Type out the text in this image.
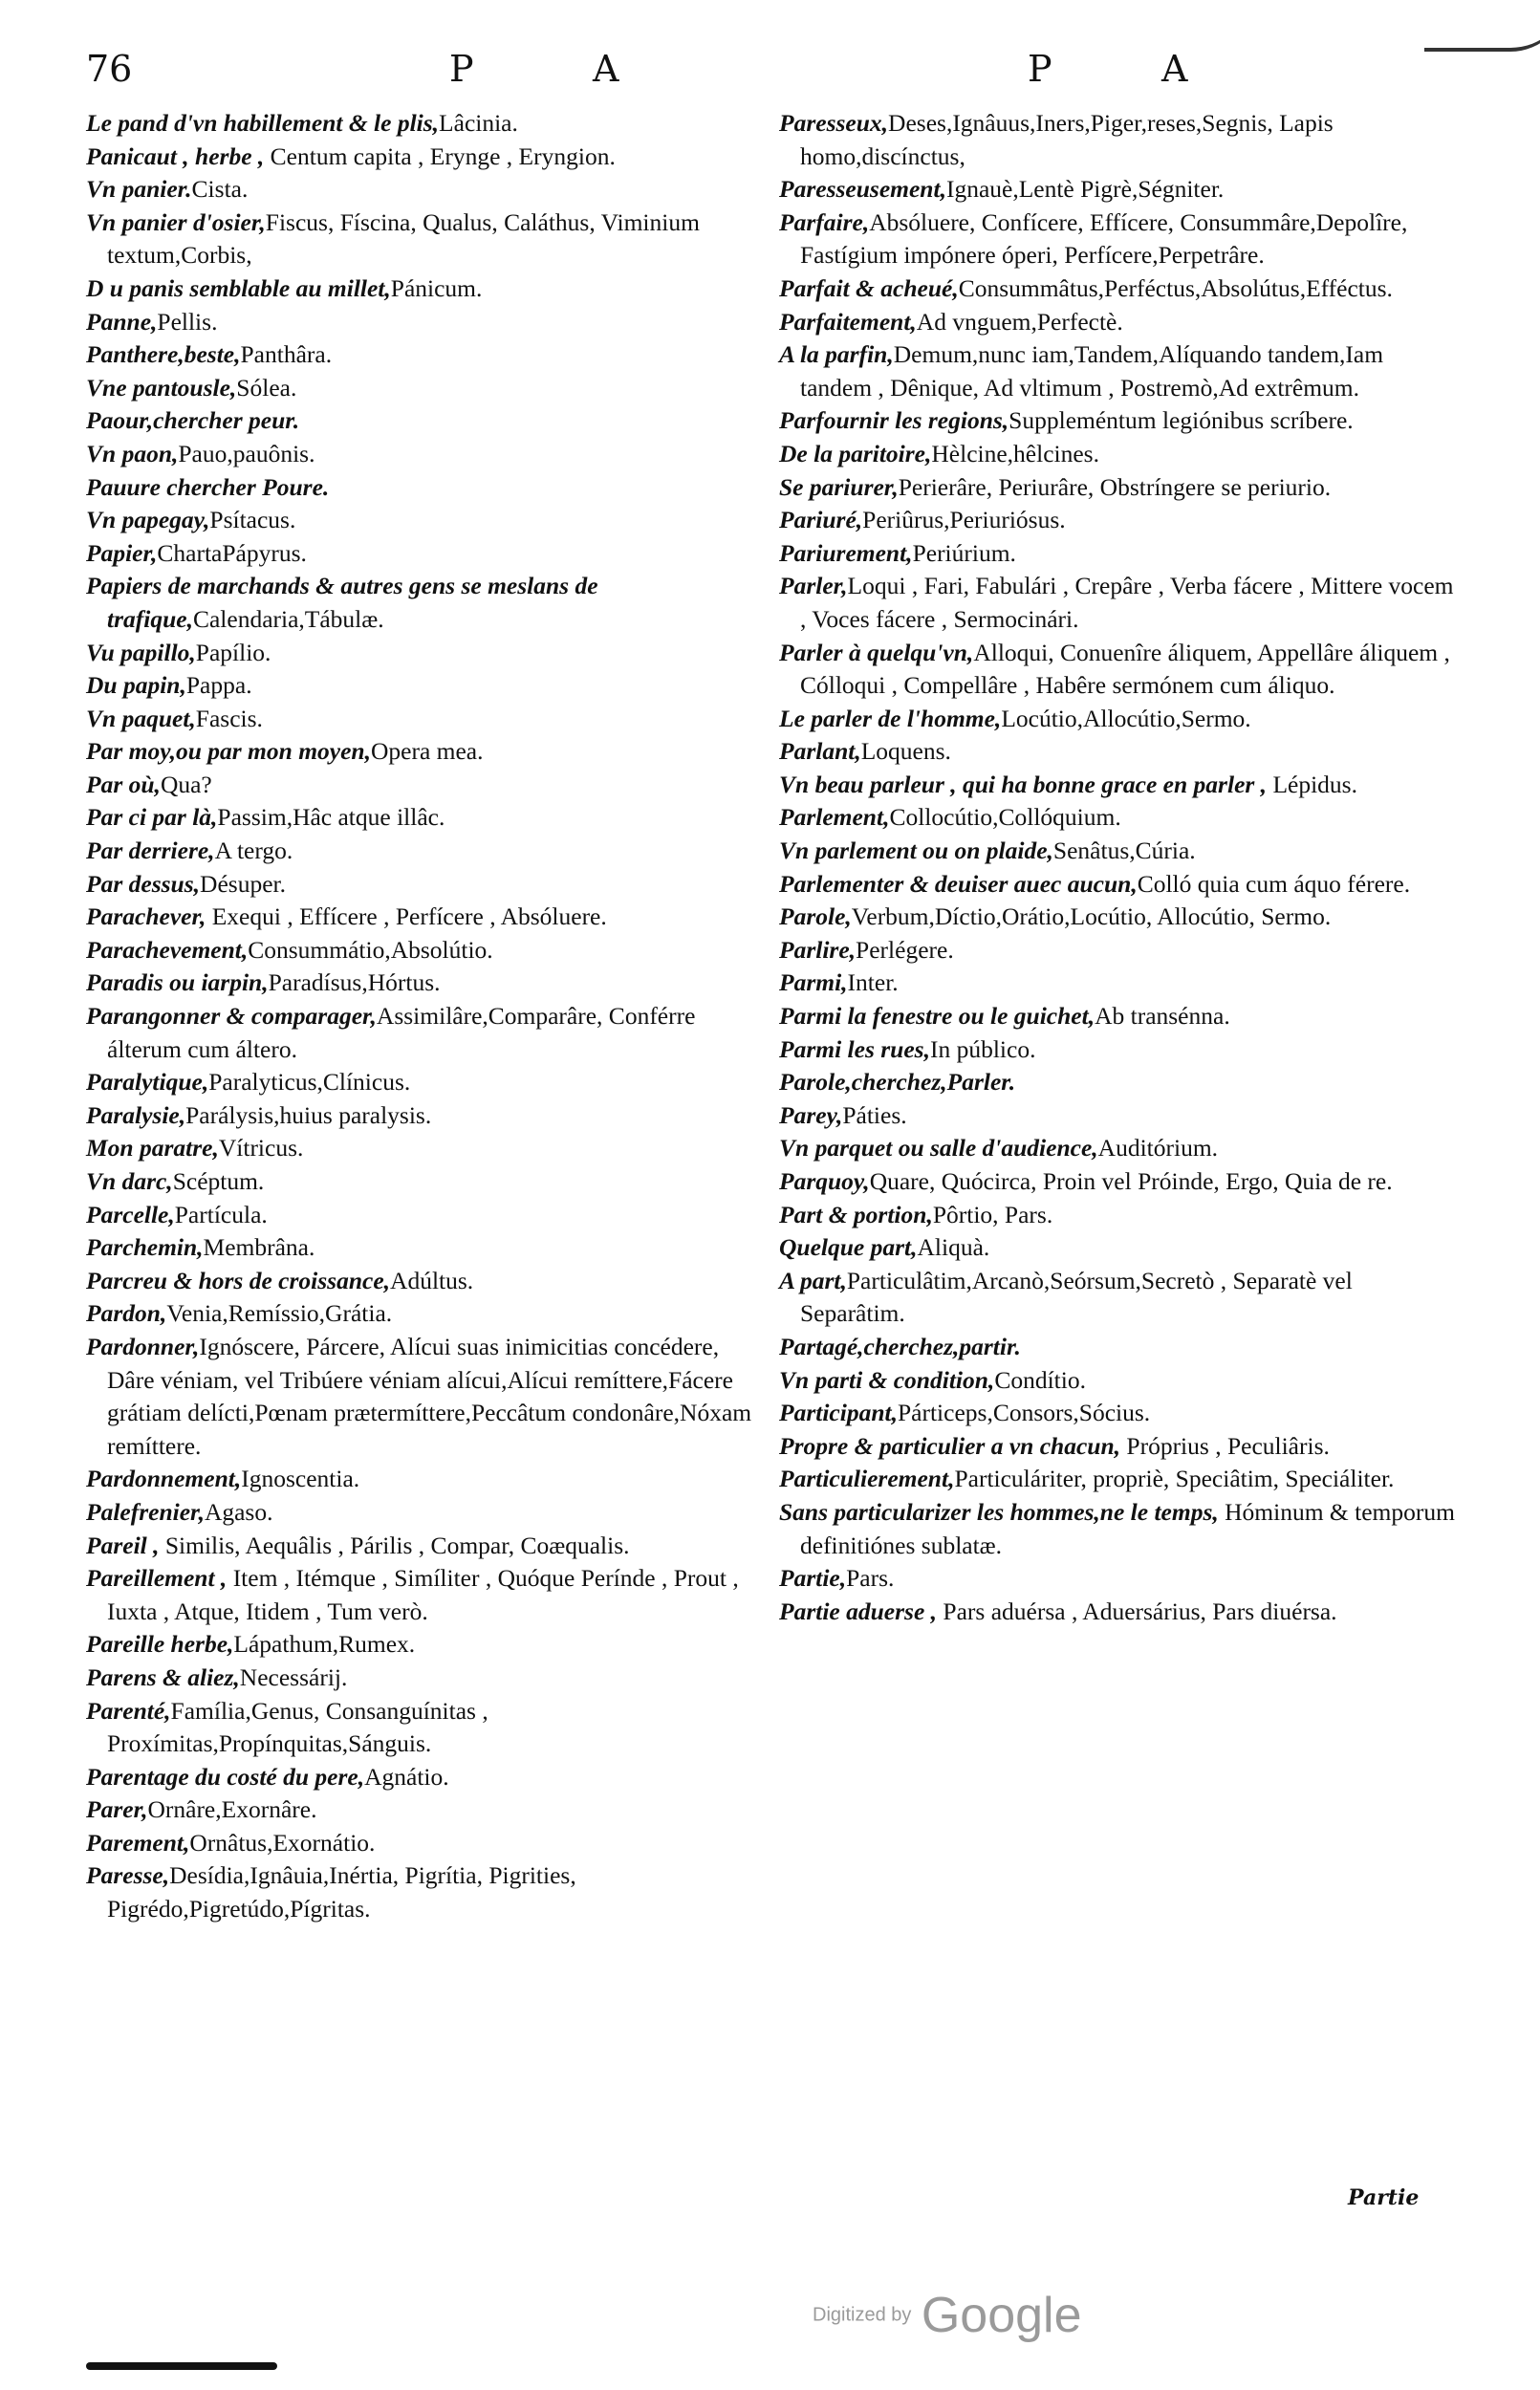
76	P	A	P	A
Le pand d'vn habillement & le plis,Lâcinia.
Panicaut , herbe , Centum capita , Erynge , Eryngion.
Vn panier.Cista.
Vn panier d'osier,Fiscus, Físcina, Qualus, Caláthus, Viminium textum,Corbis,
D u panis semblable au millet,Pánicum.
Panne,Pellis.
Panthere,beste,Panthâra.
Vne pantousle,Sólea.
Paour,chercher peur.
Vn paon,Pauo,pauônis.
Pauure chercher Poure.
Vn papegay,Psítacus.
Papier,ChartaPápyrus.
Papiers de marchands & autres gens se meslans de trafique,Calendaria,Tábulæ.
Vu papillo,Papílio.
Du papin,Pappa.
Vn paquet,Fascis.
Par moy,ou par mon moyen,Opera mea.
Par où,Qua?
Par ci par là,Passim,Hâc atque illâc.
Par derriere,A tergo.
Par dessus,Désuper.
Parachever, Exequi , Effícere , Perfícere , Absóluere.
Parachevement,Consummátio,Absolútio.
Paradis ou iarpin,Paradísus,Hórtus.
Parangonner & comparager,Assimilâre,Comparâre, Conférre álterum cum áltero.
Paralytique,Paralyticus,Clínicus.
Paralysie,Parálysis,huius paralysis.
Mon paratre,Vítricus.
Vn darc,Scéptum.
Parcelle,Partícula.
Parchemin,Membrâna.
Parcreu & hors de croissance,Adúltus.
Pardon,Venia,Remíssio,Grátia.
Pardonner,Ignóscere, Párcere, Alícui suas inimicitias concédere, Dâre véniam, vel Tribúere véniam alícui,Alícui remíttere,Fácere grátiam delícti,Pœnam prætermíttere,Peccâtum condonâre,Nóxam remíttere.
Pardonnement,Ignoscentia.
Palefrenier,Agaso.
Pareil , Similis, Aequâlis , Párilis , Compar, Coæqualis.
Pareillement , Item , Itémque , Simíliter , Quóque Perínde , Prout , Iuxta , Atque, Itidem , Tum verò.
Pareille herbe,Lápathum,Rumex.
Parens & aliez,Necessárij.
Parenté,Família,Genus, Consanguínitas , Proxímitas,Propínquitas,Sánguis.
Parentage du costé du pere,Agnátio.
Parer,Ornâre,Exornâre.
Parement,Ornâtus,Exornátio.
Paresse,Desídia,Ignâuia,Inértia, Pigrítia, Pigrities, Pigrédo,Pigretúdo,Pígritas.
Paresseux,Deses,Ignâuus,Iners,Piger,reses,Segnis, Lapis homo,discínctus,
Paresseusement,Ignauè,Lentè Pigrè,Ségniter.
Parfaire,Absóluere, Confícere, Effícere, Consummâre,Depolîre, Fastígium impónere óperi, Perfícere,Perpetrâre.
Parfait & acheué,Consummâtus,Perféctus,Absolútus,Efféctus.
Parfaitement,Ad vnguem,Perfectè.
A la parfin,Demum,nunc iam,Tandem,Alíquando tandem,Iam tandem , Dênique, Ad vltimum , Postremò,Ad extrêmum.
Parfournir les regions,Suppleméntum legiónibus scríbere.
De la paritoire,Hèlcine,hêlcines.
Se pariurer,Perierâre, Periurâre, Obstríngere se periurio.
Pariuré,Periûrus,Periuriósus.
Pariurement,Periúrium.
Parler,Loqui , Fari, Fabulári , Crepâre , Verba fácere , Mittere vocem , Voces fácere , Sermocinári.
Parler à quelqu'vn,Alloqui, Conuenîre áliquem, Appellâre áliquem , Cólloqui , Compellâre , Habêre sermónem cum áliquo.
Le parler de l'homme,Locútio,Allocútio,Sermo.
Parlant,Loquens.
Vn beau parleur , qui ha bonne grace en parler , Lépidus.
Parlement,Collocútio,Collóquium.
Vn parlement ou on plaide,Senâtus,Cúria.
Parlementer & deuiser auec aucun,Colló quia cum áquo férere.
Parole,Verbum,Díctio,Orátio,Locútio, Allocútio, Sermo.
Parlire,Perlégere.
Parmi,Inter.
Parmi la fenestre ou le guichet,Ab transénna.
Parmi les rues,In público.
Parole,cherchez,Parler.
Parey,Páties.
Vn parquet ou salle d'audience,Auditórium.
Parquoy,Quare, Quócirca, Proin vel Próinde, Ergo, Quia de re.
Part & portion,Pôrtio, Pars.
Quelque part,Aliquà.
A part,Particulâtim,Arcanò,Seórsum,Secretò , Separatè vel Separâtim.
Partagé,cherchez,partir.
Vn parti & condition,Condítio.
Participant,Párticeps,Consors,Sócius.
Propre & particulier a vn chacun, Próprius , Peculiâris.
Particulierement,Particuláriter, propriè, Speciâtim, Speciáliter.
Sans particularizer les hommes,ne le temps, Hóminum & temporum definitiónes sublatæ.
Partie,Pars.
Partie aduerse , Pars aduérsa , Aduersárius, Pars diuérsa.
Partie
Digitized by Google
